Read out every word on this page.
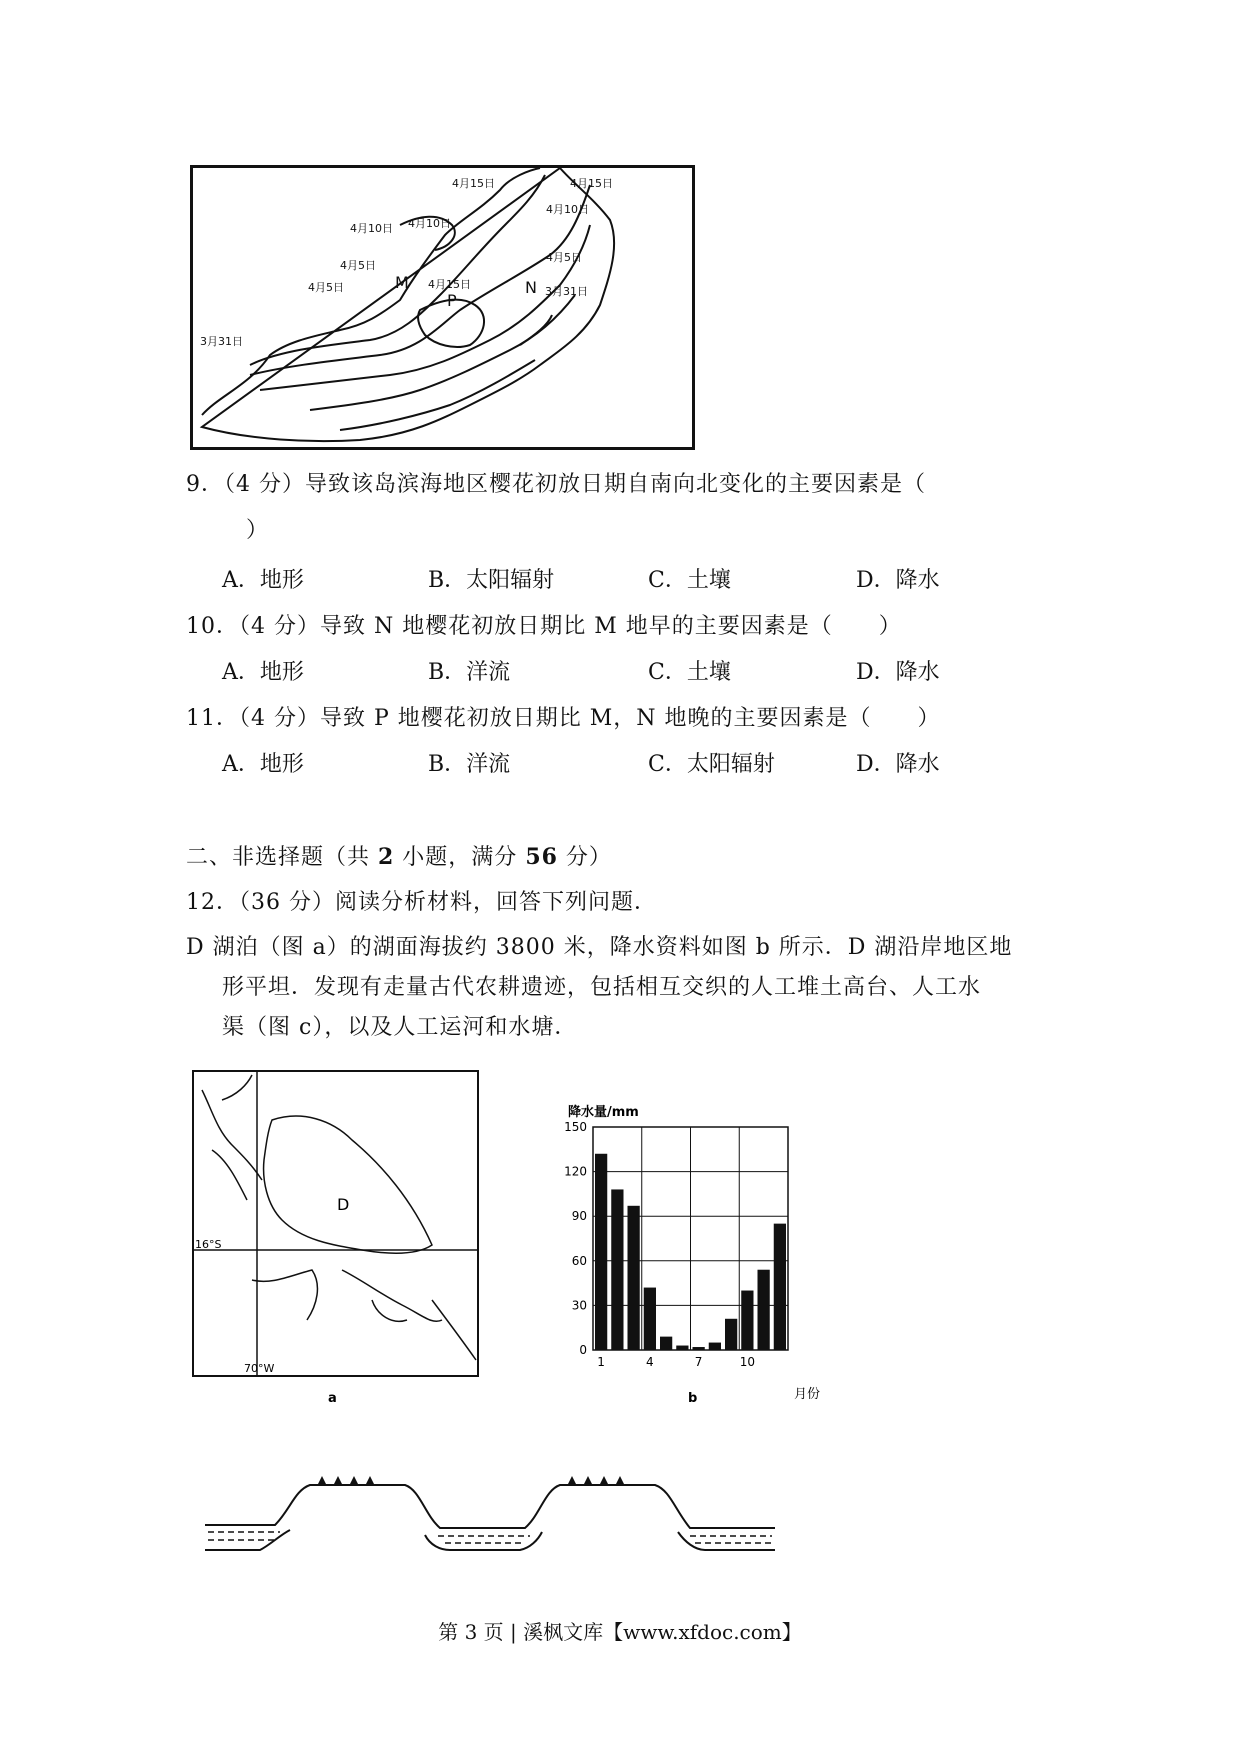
4月15日	4月15日
4月10日
4月10日 4月10日
4月5日
4月5日
4月5日	M 4月15日
P
N 3月31日
3月31日
9．（4 分）导致该岛滨海地区樱花初放日期自南向北变化的主要因素是（
）
A．地形	B．太阳辐射	C．土壤	D．降水
10．（4 分）导致 N 地樱花初放日期比 M 地早的主要因素是（　　）
A．地形	B．洋流	C．土壤	D．降水
11．（4 分）导致 P 地樱花初放日期比 M，N 地晚的主要因素是（　　）
A．地形	B．洋流	C．太阳辐射	D．降水
二、非选择题（共 2 小题，满分 56 分）
12．（36 分）阅读分析材料，回答下列问题．
D 湖泊（图 a）的湖面海拔约 3800 米，降水资料如图 b 所示．D 湖沿岸地区地
形平坦．发现有走量古代农耕遗迹，包括相互交织的人工堆土高台、人工水
渠（图 c），以及人工运河和水塘．
D
16°S
70°W
a
降水量/mm
0
30
60
90
120
150
1	4	7	10
月份
b
第 3 页 | 溪枫文库【www.xfdoc.com】
